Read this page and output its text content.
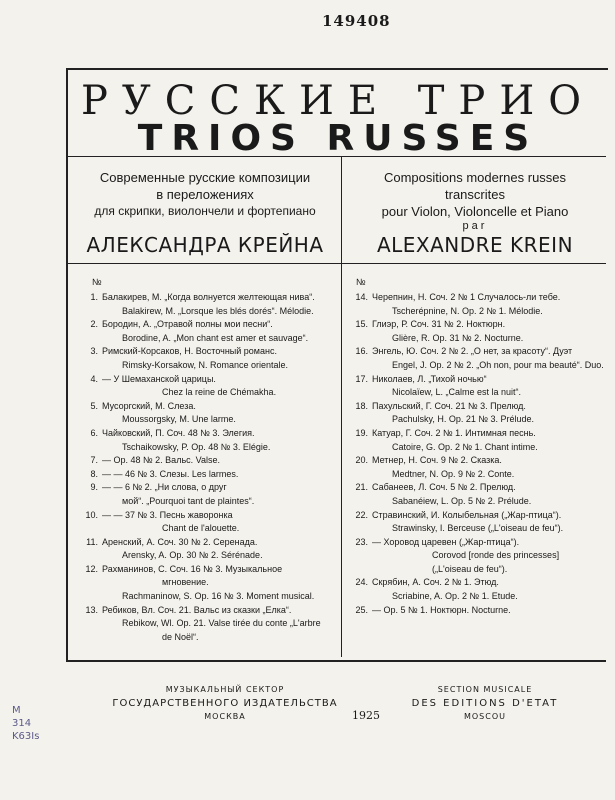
149408
РУССКИЕ ТРИО
TRIOS RUSSES
Современные русские композиции
в переложениях
для скрипки, виолончели и фортепиано
Compositions modernes russes
transcrites
pour Violon, Violoncelle et Piano
par
АЛЕКСАНДРА КРЕЙНА	ALEXANDRE KREIN
№	№
1. Балакирев, М. „Когда волнуется желтеющая нива“.
Balakirew, M. „Lorsque les blés dorés“. Mélodie.
2. Бородин, А. „Отравой полны мои песни“.
Borodine, A. „Mon chant est amer et sauvage“.
3. Римский-Корсаков, Н. Восточный романс.
Rimsky-Korsakow, N. Romance orientale.
4. — У Шемаханской царицы.
Chez la reine de Chémakha.
5. Мусоргский, М. Слеза.
Moussorgsky, M. Une larme.
6. Чайковский, П. Соч. 48 № 3. Элегия.
Tschaikowsky, P. Op. 48 № 3. Elégie.
7. — Ор. 48 № 2. Вальс. Valse.
8. — — 46 № 3. Слезы. Les larmes.
9. — — 6 № 2. „Ни слова, о друг
мой“. „Pourquoi tant de plaintes“.
10. — — 37 № 3. Песнь жаворонка
Chant de l'alouette.
11. Аренский, А. Соч. 30 № 2. Серенада.
Arensky, A. Op. 30 № 2. Sérénade.
12. Рахманинов, С. Соч. 16 № 3. Музыкальное
мгновение.
Rachmaninow, S. Op. 16 № 3. Moment musical.
13. Ребиков, Вл. Соч. 21. Вальс из сказки „Елка“.
Rebikow, Wl. Op. 21. Valse tirée du conte „L'arbre
de Noël“.
14. Черепнин, Н. Соч. 2 № 1 Случалось-ли тебе.
Tscherépnine, N. Op. 2 № 1. Mélodie.
15. Глиэр, Р. Соч. 31 № 2. Ноктюрн.
Glière, R. Op. 31 № 2. Nocturne.
16. Энгель, Ю. Соч. 2 № 2. „О нет, за красоту“. Дуэт
Engel, J. Op. 2 № 2. „Oh non, pour ma beauté“. Duo.
17. Николаев, Л. „Тихой ночью“
Nicolaïew, L. „Calme est la nuit“.
18. Пахульский, Г. Соч. 21 № 3. Прелюд.
Pachulsky, H. Op. 21 № 3. Prélude.
19. Катуар, Г. Соч. 2 № 1. Интимная песнь.
Catoire, G. Op. 2 № 1. Chant intime.
20. Метнер, Н. Соч. 9 № 2. Сказка.
Medtner, N. Op. 9 № 2. Conte.
21. Сабанеев, Л. Соч. 5 № 2. Прелюд.
Sabanéiew, L. Op. 5 № 2. Prélude.
22. Стравинский, И. Колыбельная („Жар-птица“).
Strawinsky, I. Berceuse („L'oiseau de feu“).
23. — Хоровод царевен („Жар-птица“).
Corovod [ronde des princesses]
(„L'oiseau de feu“).
24. Скрябин, А. Соч. 2 № 1. Этюд.
Scriabine, A. Op. 2 № 1. Etude.
25. — Ор. 5 № 1. Ноктюрн. Nocturne.
МУЗЫКАЛЬНЫЙ СЕКТОР
ГОСУДАРСТВЕННОГО ИЗДАТЕЛЬСТВА
МОСКВА	1925
SECTION MUSICALE
DES EDITIONS D'ETAT
MOSCOU
M
314
K63Is
